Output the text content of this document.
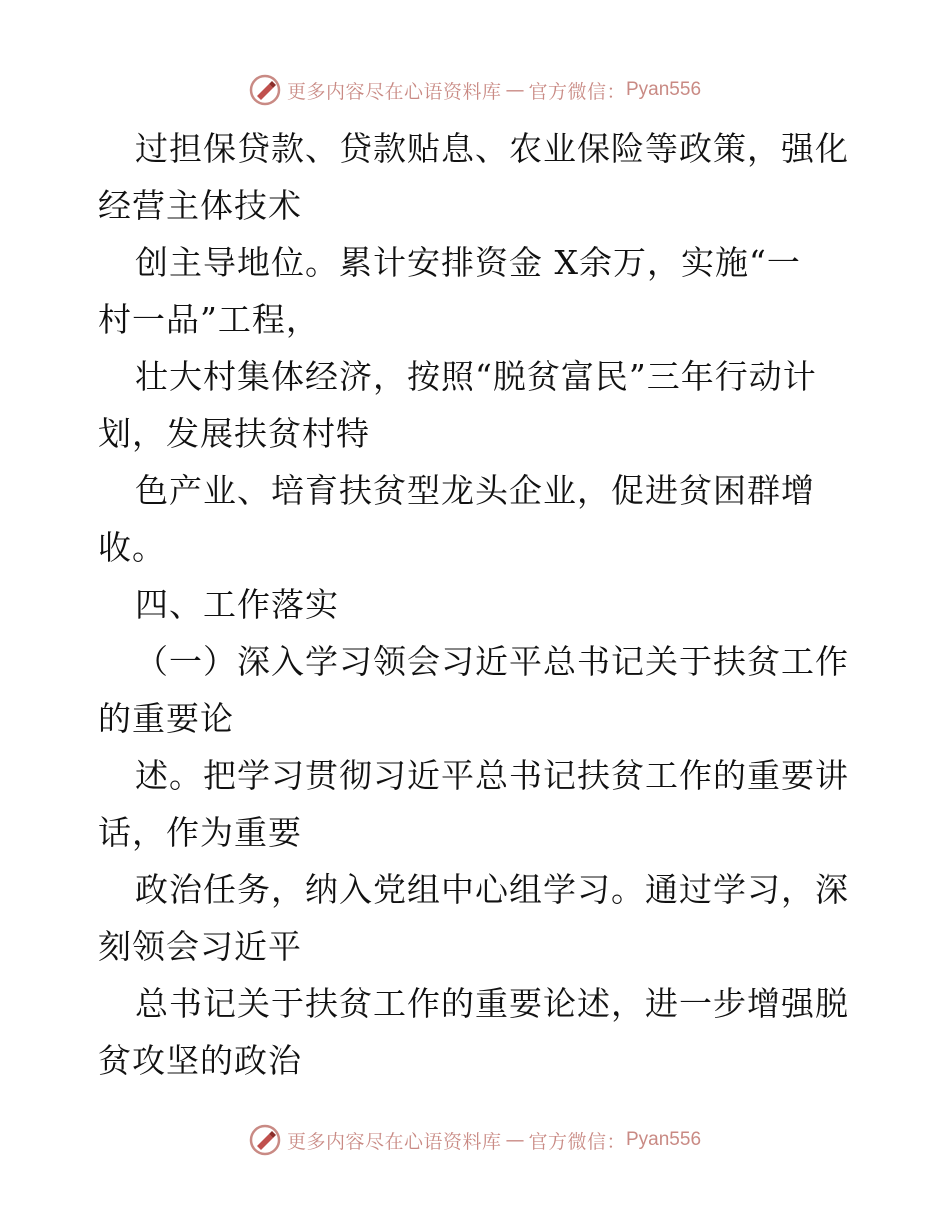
更多内容尽在心语资料库 — 官方微信： Pyan556

过担保贷款、贷款贴息、农业保险等政策，强化
经营主体技术

创主导地位。累计安排资金 X余万，实施“一
村一品”工程，

壮大村集体经济，按照“脱贫富民”三年行动计
划，发展扶贫村特

色产业、培育扶贫型龙头企业，促进贫困群增
收。

四、工作落实

（一）深入学习领会习近平总书记关于扶贫工作
的重要论

述。把学习贯彻习近平总书记扶贫工作的重要讲
话，作为重要

政治任务，纳入党组中心组学习。通过学习，深
刻领会习近平

总书记关于扶贫工作的重要论述，进一步增强脱
贫攻坚的政治

更多内容尽在心语资料库 — 官方微信： Pyan556
